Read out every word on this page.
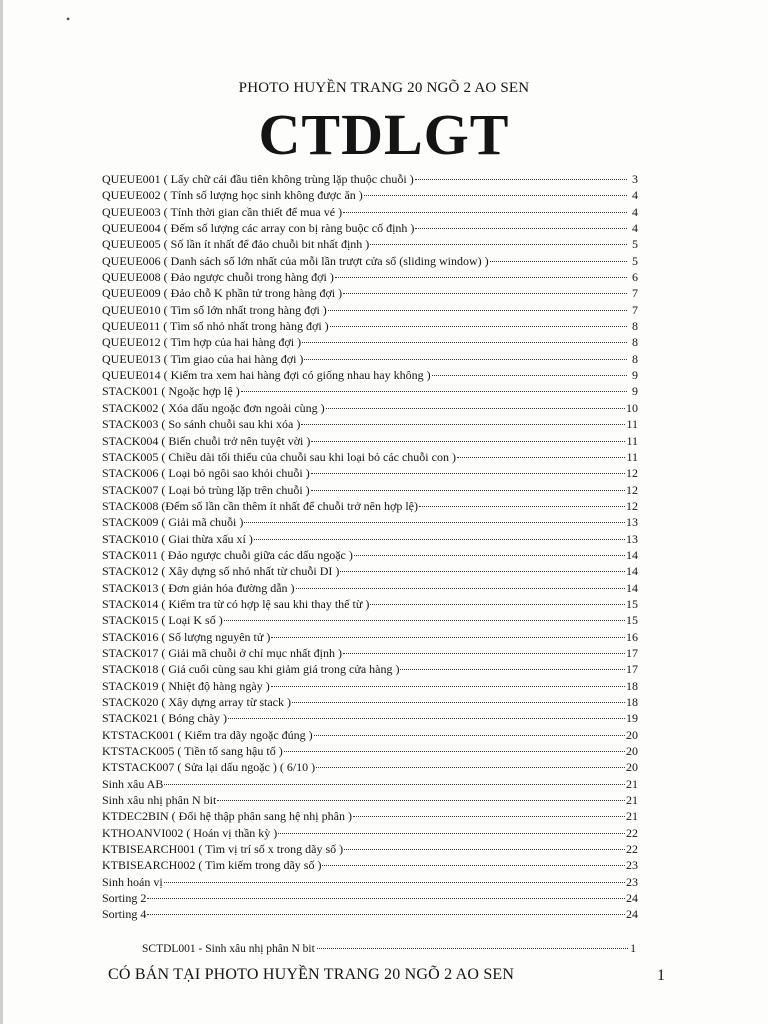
•
PHOTO HUYỀN TRANG 20 NGÕ 2 AO SEN
CTDLGT
QUEUE001 ( Lấy chữ cái đầu tiên không trùng lặp thuộc chuỗi )	3
QUEUE002 ( Tính số lượng học sinh không được ăn )	4
QUEUE003 ( Tính thời gian cần thiết để mua vé )	4
QUEUE004 ( Đếm số lượng các array con bị ràng buộc cố định )	4
QUEUE005 ( Số lần ít nhất để đảo chuỗi bit nhất định )	5
QUEUE006 ( Danh sách số lớn nhất của mỗi lần trượt cửa sổ (sliding window) )	5
QUEUE008 ( Đảo ngược chuỗi trong hàng đợi )	6
QUEUE009 ( Đảo chỗ K phần tử trong hàng đợi )	7
QUEUE010 ( Tìm số lớn nhất trong hàng đợi )	7
QUEUE011 ( Tìm số nhỏ nhất trong hàng đợi )	8
QUEUE012 ( Tìm hợp của hai hàng đợi )	8
QUEUE013 ( Tìm giao của hai hàng đợi )	8
QUEUE014 ( Kiểm tra xem hai hàng đợi có giống nhau hay không )	9
STACK001 ( Ngoặc hợp lệ )	9
STACK002 ( Xóa dấu ngoặc đơn ngoài cùng )	10
STACK003 ( So sánh chuỗi sau khi xóa )	11
STACK004 ( Biến chuỗi trở nên tuyệt vời )	11
STACK005 ( Chiều dài tối thiểu của chuỗi sau khi loại bỏ các chuỗi con )	11
STACK006 ( Loại bỏ ngôi sao khỏi chuỗi )	12
STACK007 ( Loại bỏ trùng lặp trên chuỗi )	12
STACK008 (Đếm số lần cần thêm ít nhất để chuỗi trở nên hợp lệ)	12
STACK009 ( Giải mã chuỗi )	13
STACK010 ( Giai thừa xấu xí )	13
STACK011 ( Đảo ngược chuỗi giữa các dấu ngoặc )	14
STACK012 ( Xây dựng số nhỏ nhất từ chuỗi DI )	14
STACK013 ( Đơn giản hóa đường dẫn )	14
STACK014 ( Kiểm tra từ có hợp lệ sau khi thay thế từ )	15
STACK015 ( Loại K số )	15
STACK016 ( Số lượng nguyên tử )	16
STACK017 ( Giải mã chuỗi ở chỉ mục nhất định )	17
STACK018 ( Giá cuối cùng sau khi giảm giá trong cửa hàng )	17
STACK019 ( Nhiệt độ hàng ngày )	18
STACK020 ( Xây dựng array từ stack )	18
STACK021 ( Bóng chày )	19
KTSTACK001 ( Kiểm tra dãy ngoặc đúng )	20
KTSTACK005 ( Tiền tố sang hậu tố )	20
KTSTACK007 ( Sửa lại dấu ngoặc ) ( 6/10 )	20
Sinh xâu AB	21
Sinh xâu nhị phân N bit	21
KTDEC2BIN ( Đổi hệ thập phân sang hệ nhị phân )	21
KTHOANVI002 ( Hoán vị thần kỳ )	22
KTBISEARCH001 ( Tìm vị trí số x trong dãy số )	22
KTBISEARCH002 ( Tìm kiếm trong dãy số )	23
Sinh hoán vị	23
Sorting 2	24
Sorting 4	24
SCTDL001 - Sinh xâu nhị phân N bit	1
CÓ BÁN TẠI PHOTO HUYỀN TRANG 20 NGÕ 2 AO SEN	1
